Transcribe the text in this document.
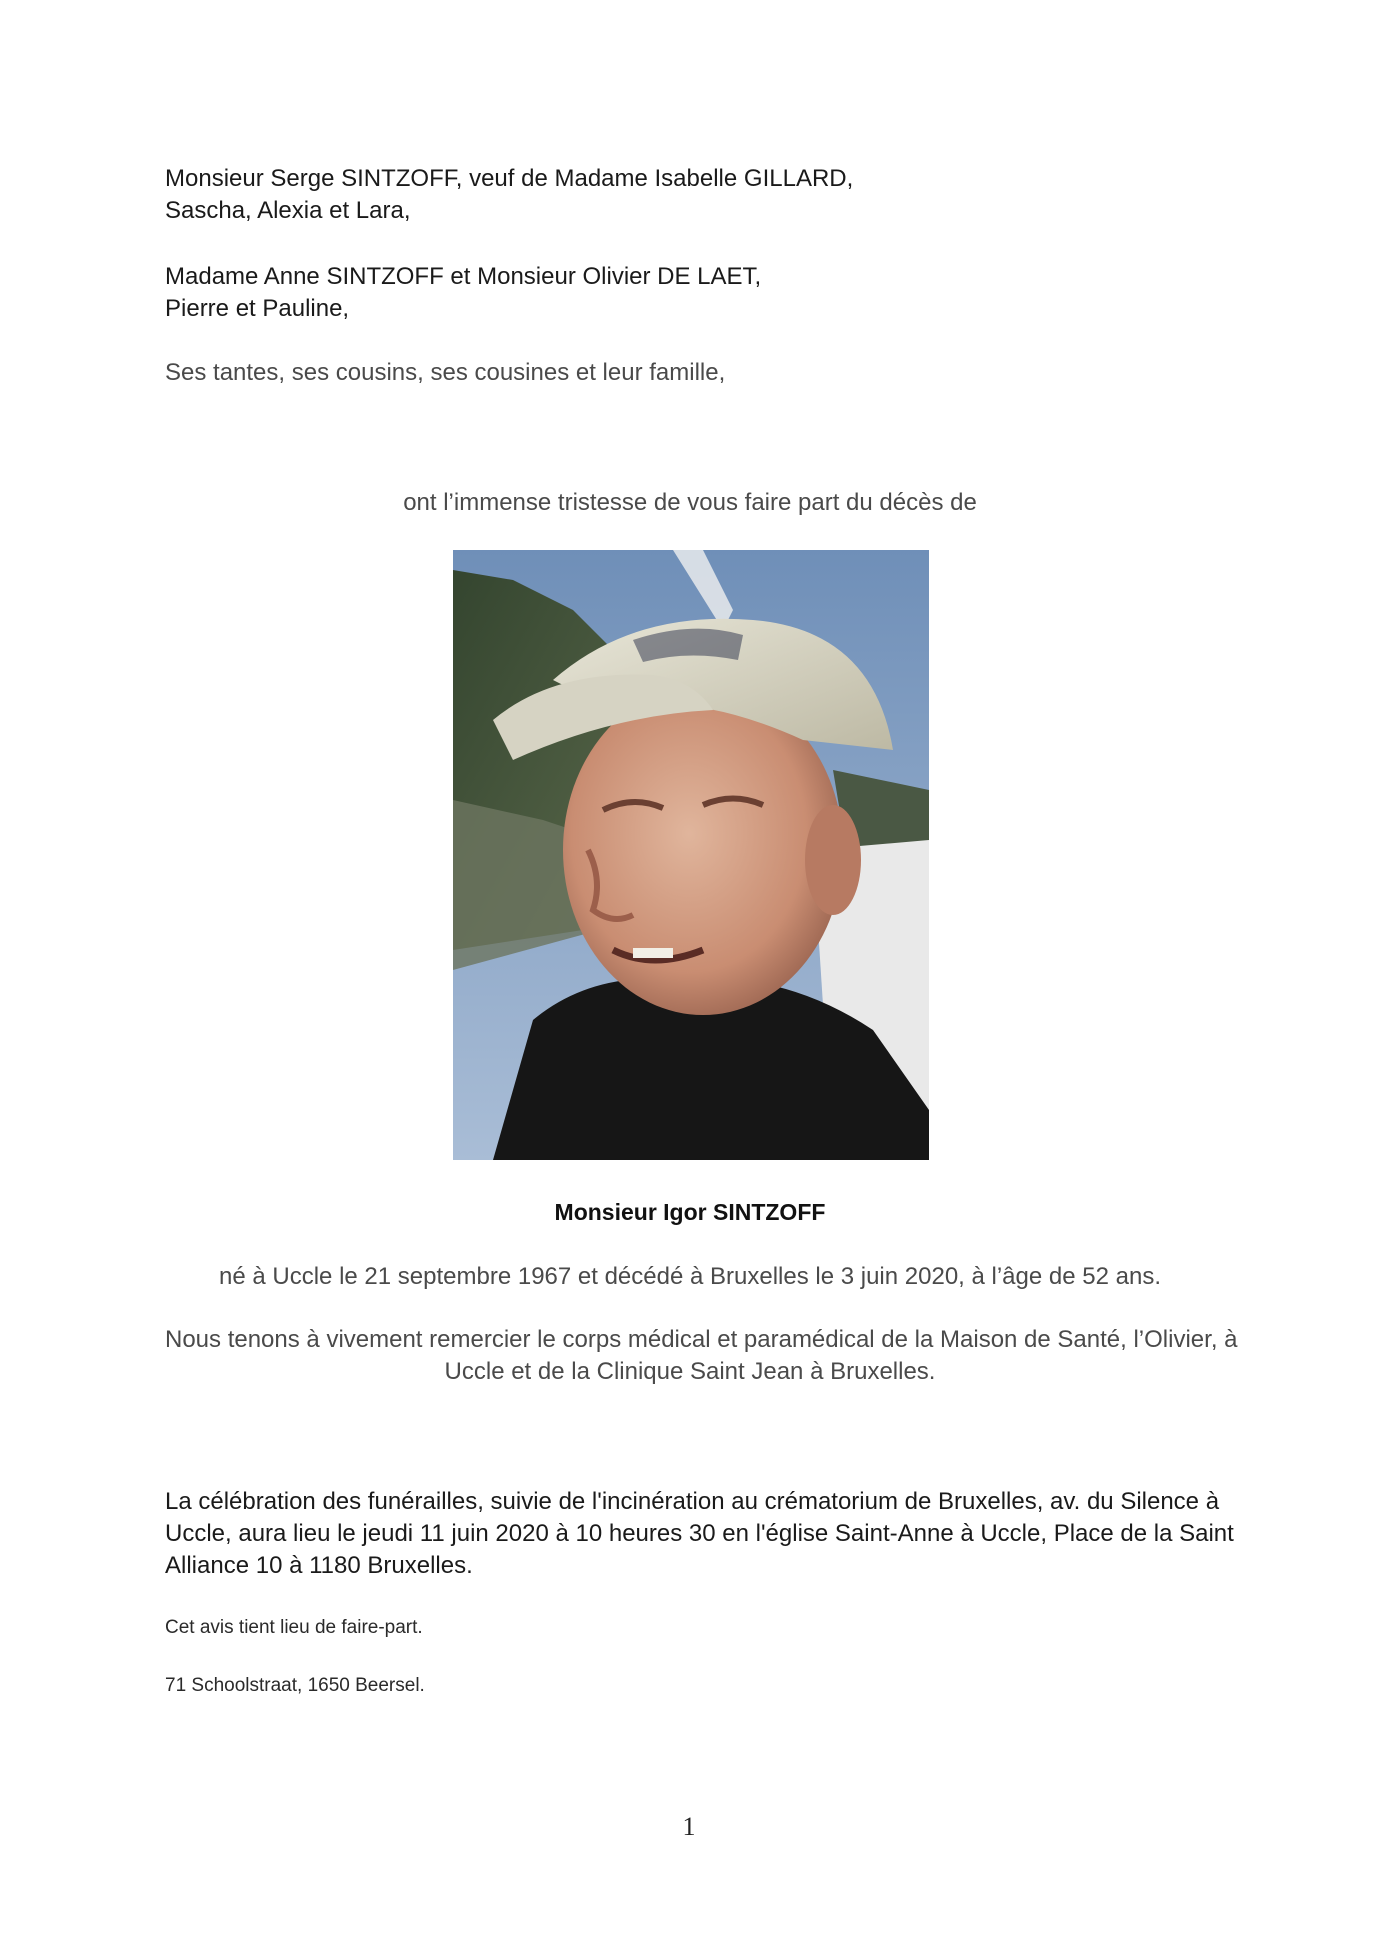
Monsieur Serge SINTZOFF, veuf de Madame Isabelle GILLARD,
Sascha, Alexia et Lara,
Madame Anne SINTZOFF et Monsieur Olivier DE LAET,
Pierre et Pauline,
Ses tantes, ses cousins, ses cousines et leur famille,
ont l’immense tristesse de vous faire part du décès de
Monsieur Igor SINTZOFF
né à Uccle le 21 septembre 1967 et décédé à Bruxelles le 3 juin 2020, à l’âge de 52 ans.
Nous tenons à vivement remercier le corps médical et paramédical de la Maison de Santé, l’Olivier, à
Uccle et de la Clinique Saint Jean à Bruxelles.
La célébration des funérailles, suivie de l'incinération au crématorium de Bruxelles, av. du Silence à
Uccle, aura lieu le jeudi 11 juin 2020 à 10 heures 30 en l'église Saint-Anne à Uccle, Place de la Saint
Alliance 10 à 1180 Bruxelles.
Cet avis tient lieu de faire-part.
71 Schoolstraat, 1650 Beersel.
1
